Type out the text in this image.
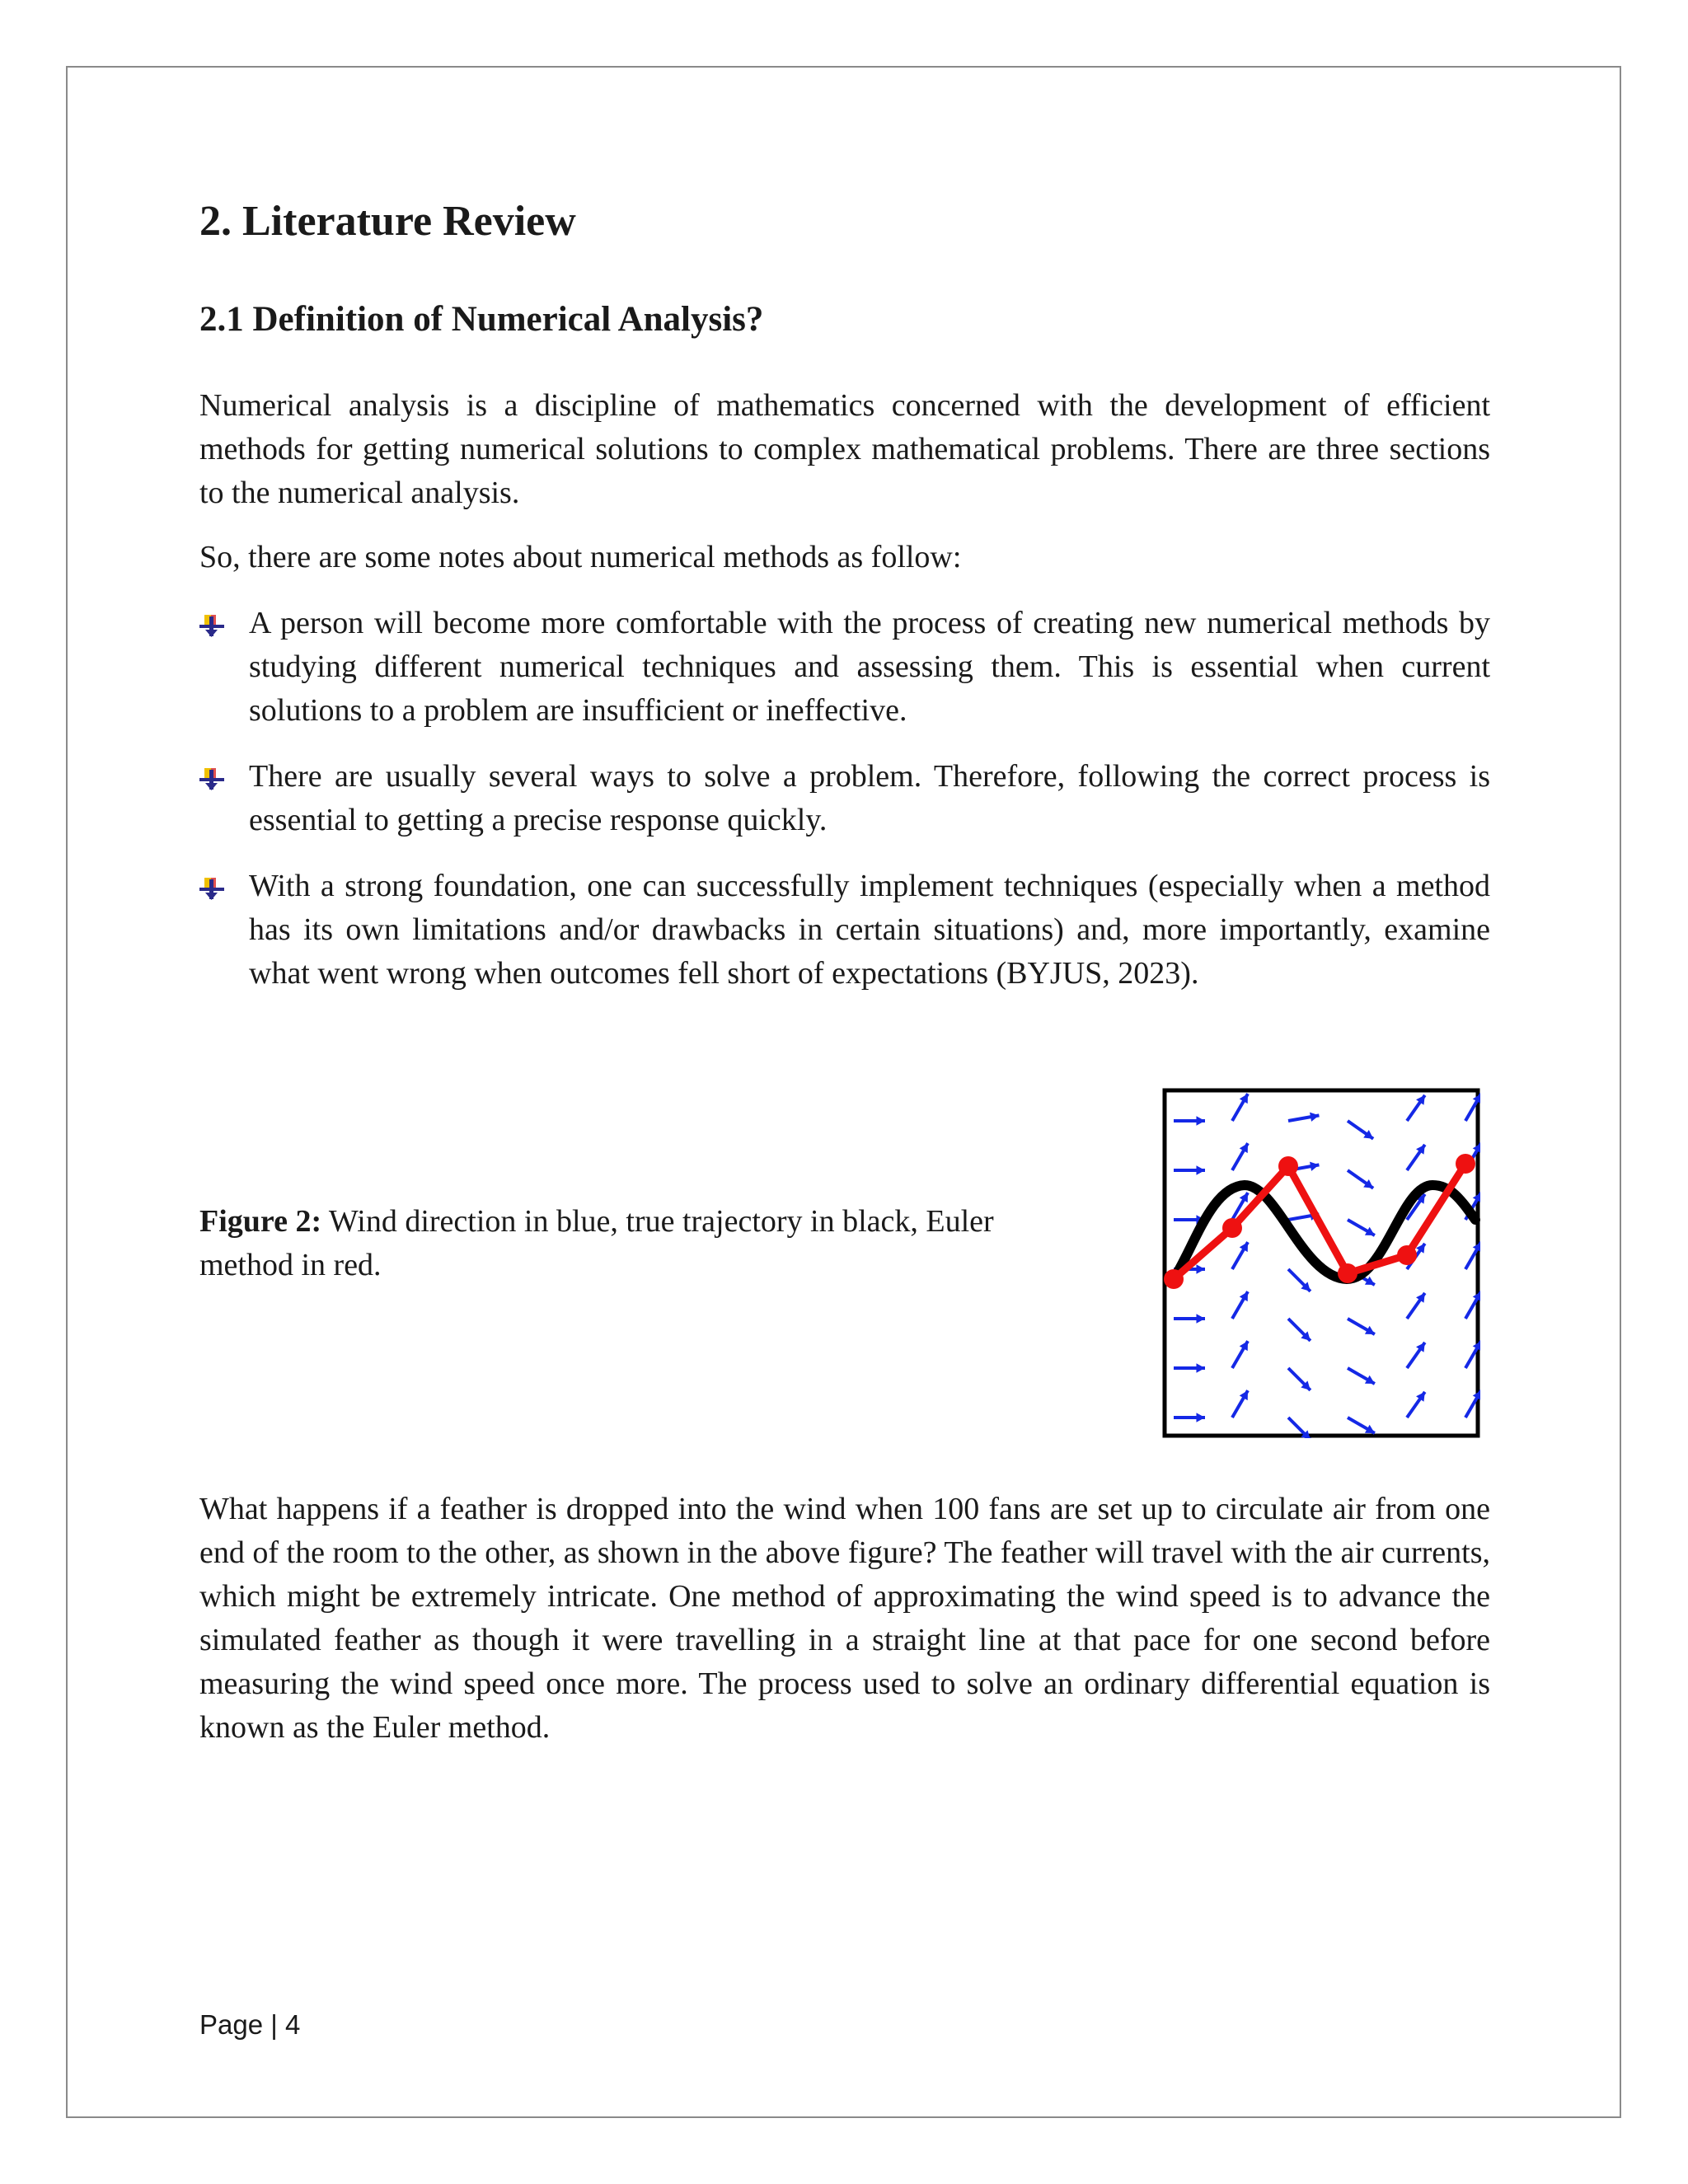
2. Literature Review
2.1 Definition of Numerical Analysis?

Numerical analysis is a discipline of mathematics concerned with the development of efficient methods for getting numerical solutions to complex mathematical problems. There are three sections to the numerical analysis.

So, there are some notes about numerical methods as follow:

A person will become more comfortable with the process of creating new numerical methods by studying different numerical techniques and assessing them. This is essential when current solutions to a problem are insufficient or ineffective.
There are usually several ways to solve a problem. Therefore, following the correct process is essential to getting a precise response quickly.
With a strong foundation, one can successfully implement techniques (especially when a method has its own limitations and/or drawbacks in certain situations) and, more importantly, examine what went wrong when outcomes fell short of expectations (BYJUS, 2023).

Figure 2: Wind direction in blue, true trajectory in black, Euler method in red.

What happens if a feather is dropped into the wind when 100 fans are set up to circulate air from one end of the room to the other, as shown in the above figure? The feather will travel with the air currents, which might be extremely intricate. One method of approximating the wind speed is to advance the simulated feather as though it were travelling in a straight line at that pace for one second before measuring the wind speed once more. The process used to solve an ordinary differential equation is known as the Euler method.

Page | 4
